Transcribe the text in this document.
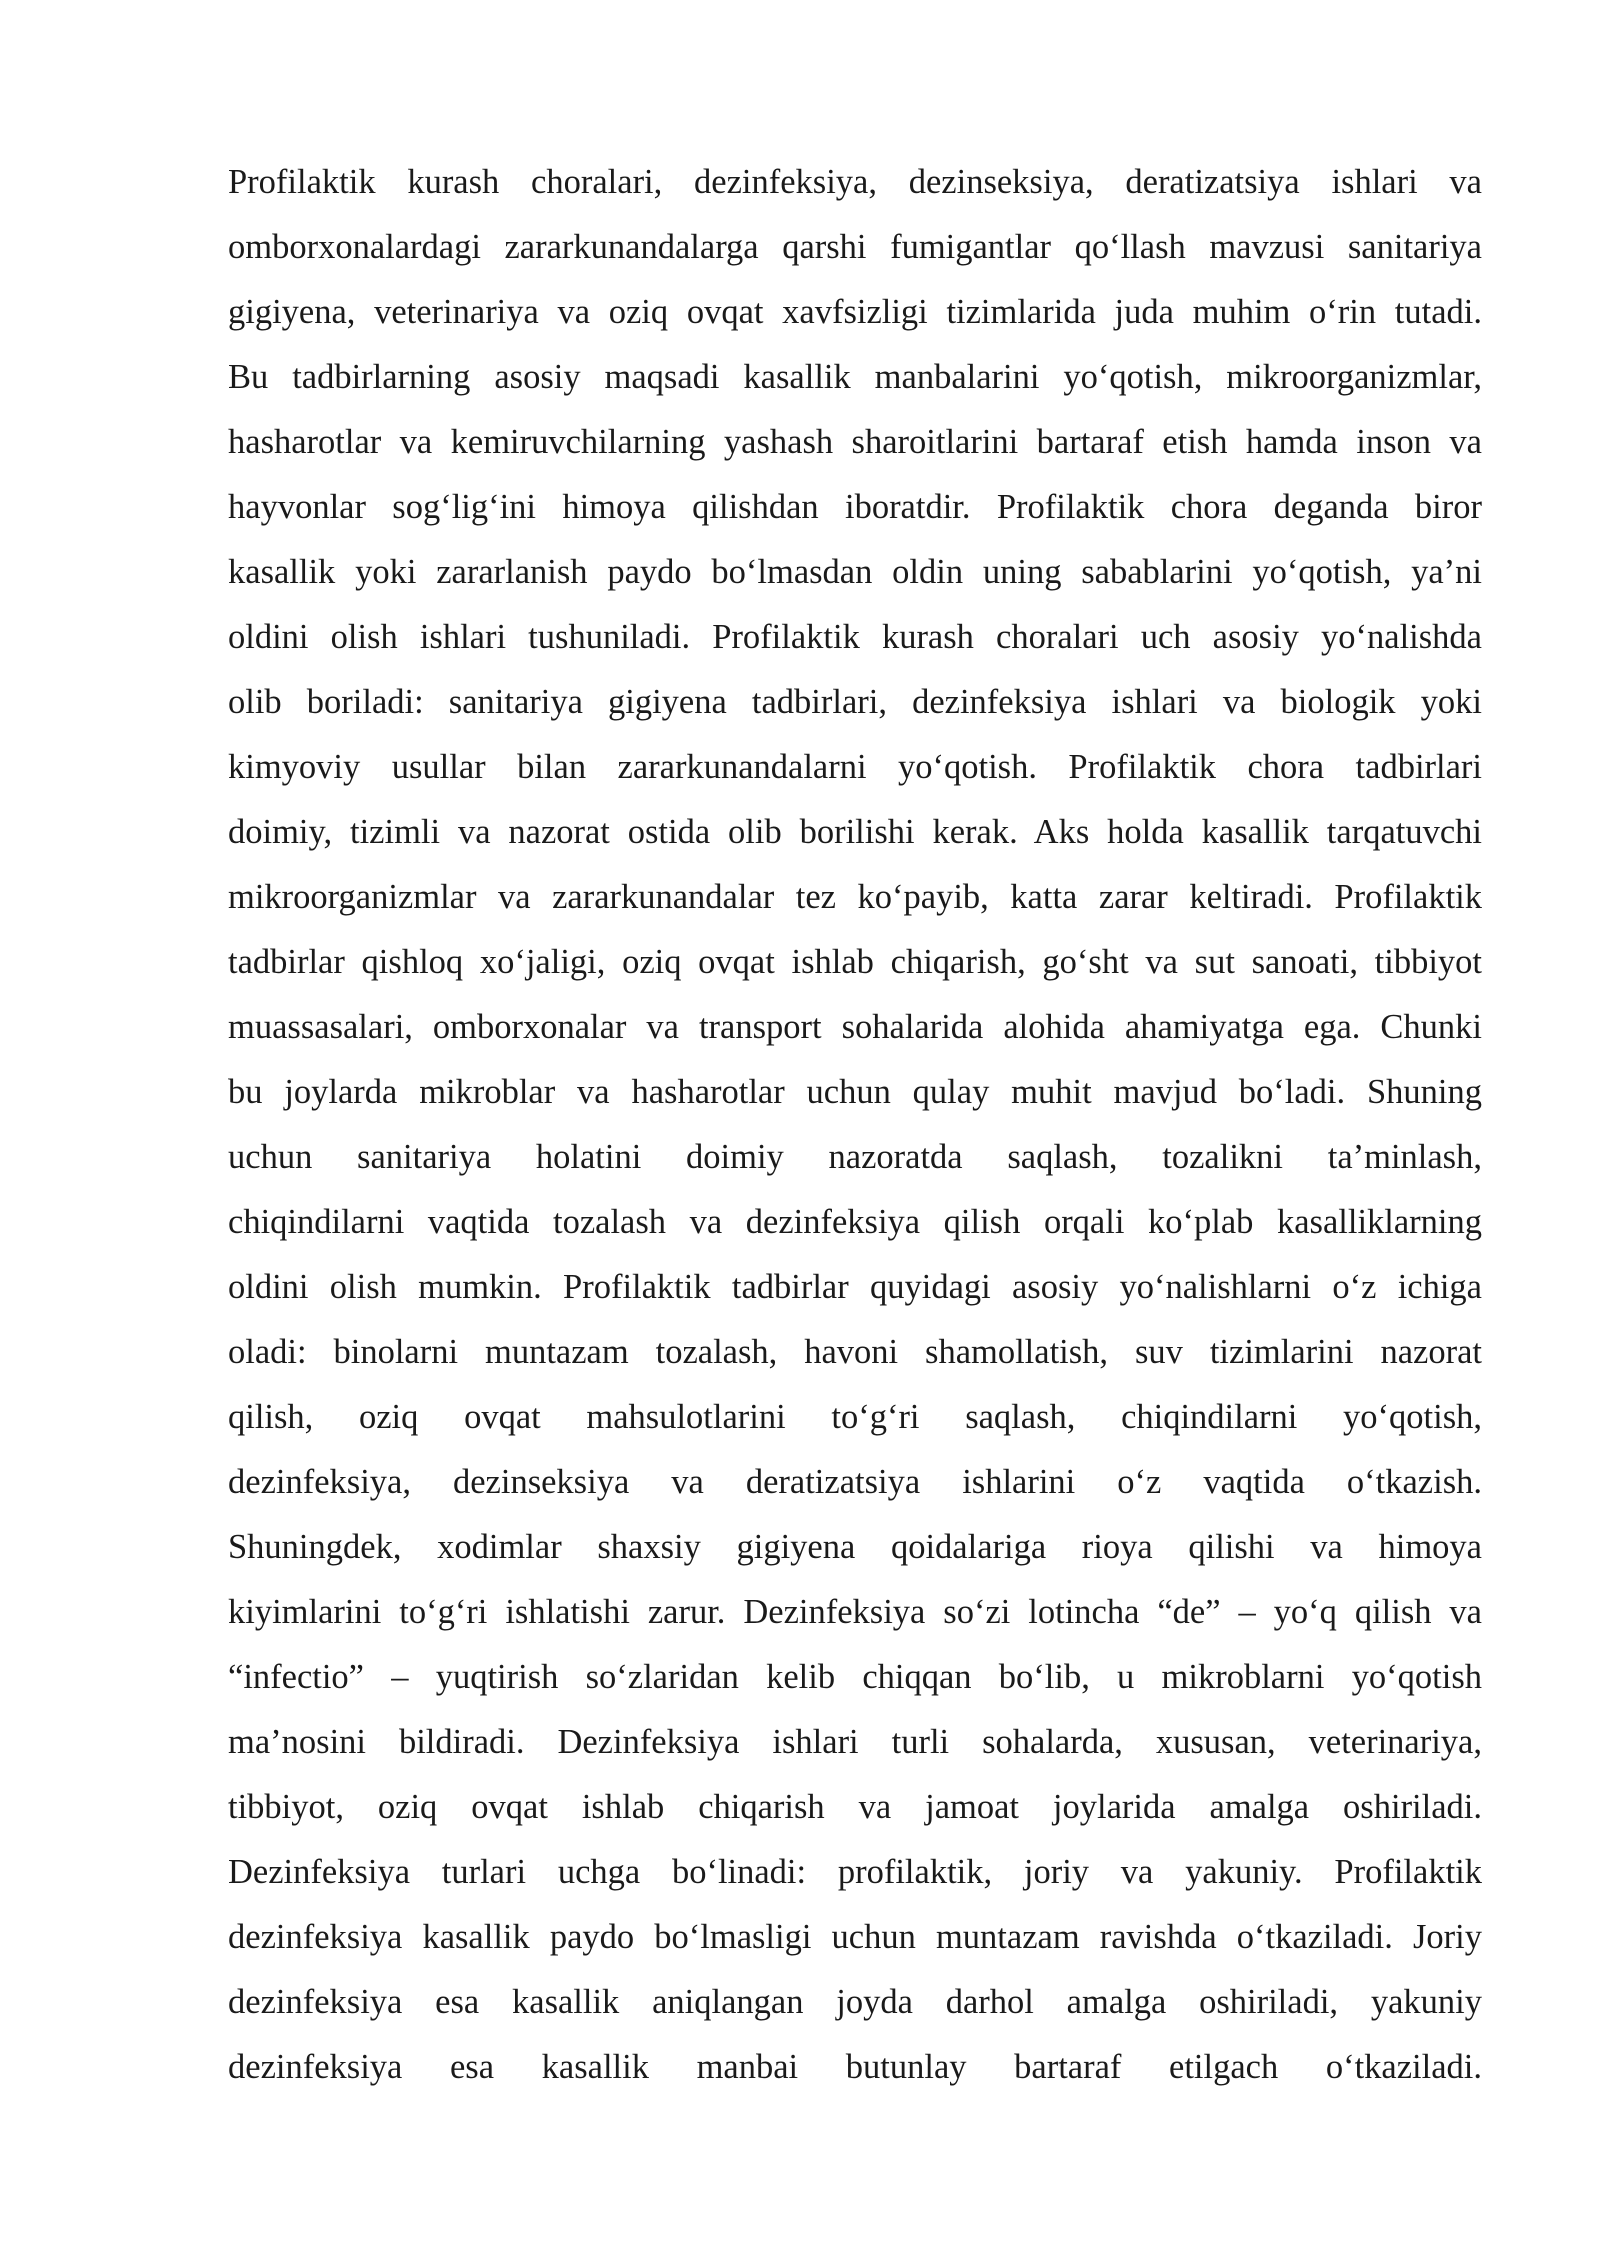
Profilaktik kurash choralari, dezinfeksiya, dezinseksiya, deratizatsiya ishlari va
omborxonalardagi zararkunandalarga qarshi fumigantlar qo‘llash mavzusi sanitariya
gigiyena, veterinariya va oziq ovqat xavfsizligi tizimlarida juda muhim o‘rin tutadi.
Bu tadbirlarning asosiy maqsadi kasallik manbalarini yo‘qotish, mikroorganizmlar,
hasharotlar va kemiruvchilarning yashash sharoitlarini bartaraf etish hamda inson va
hayvonlar sog‘lig‘ini himoya qilishdan iboratdir. Profilaktik chora deganda biror
kasallik yoki zararlanish paydo bo‘lmasdan oldin uning sabablarini yo‘qotish, ya’ni
oldini olish ishlari tushuniladi. Profilaktik kurash choralari uch asosiy yo‘nalishda
olib boriladi: sanitariya gigiyena tadbirlari, dezinfeksiya ishlari va biologik yoki
kimyoviy usullar bilan zararkunandalarni yo‘qotish. Profilaktik chora tadbirlari
doimiy, tizimli va nazorat ostida olib borilishi kerak. Aks holda kasallik tarqatuvchi
mikroorganizmlar va zararkunandalar tez ko‘payib, katta zarar keltiradi. Profilaktik
tadbirlar qishloq xo‘jaligi, oziq ovqat ishlab chiqarish, go‘sht va sut sanoati, tibbiyot
muassasalari, omborxonalar va transport sohalarida alohida ahamiyatga ega. Chunki
bu joylarda mikroblar va hasharotlar uchun qulay muhit mavjud bo‘ladi. Shuning
uchun sanitariya holatini doimiy nazoratda saqlash, tozalikni ta’minlash,
chiqindilarni vaqtida tozalash va dezinfeksiya qilish orqali ko‘plab kasalliklarning
oldini olish mumkin. Profilaktik tadbirlar quyidagi asosiy yo‘nalishlarni o‘z ichiga
oladi: binolarni muntazam tozalash, havoni shamollatish, suv tizimlarini nazorat
qilish, oziq ovqat mahsulotlarini to‘g‘ri saqlash, chiqindilarni yo‘qotish,
dezinfeksiya, dezinseksiya va deratizatsiya ishlarini o‘z vaqtida o‘tkazish.
Shuningdek, xodimlar shaxsiy gigiyena qoidalariga rioya qilishi va himoya
kiyimlarini to‘g‘ri ishlatishi zarur. Dezinfeksiya so‘zi lotincha “de” – yo‘q qilish va
“infectio” – yuqtirish so‘zlaridan kelib chiqqan bo‘lib, u mikroblarni yo‘qotish
ma’nosini bildiradi. Dezinfeksiya ishlari turli sohalarda, xususan, veterinariya,
tibbiyot, oziq ovqat ishlab chiqarish va jamoat joylarida amalga oshiriladi.
Dezinfeksiya turlari uchga bo‘linadi: profilaktik, joriy va yakuniy. Profilaktik
dezinfeksiya kasallik paydo bo‘lmasligi uchun muntazam ravishda o‘tkaziladi. Joriy
dezinfeksiya esa kasallik aniqlangan joyda darhol amalga oshiriladi, yakuniy
dezinfeksiya esa kasallik manbai butunlay bartaraf etilgach o‘tkaziladi.
